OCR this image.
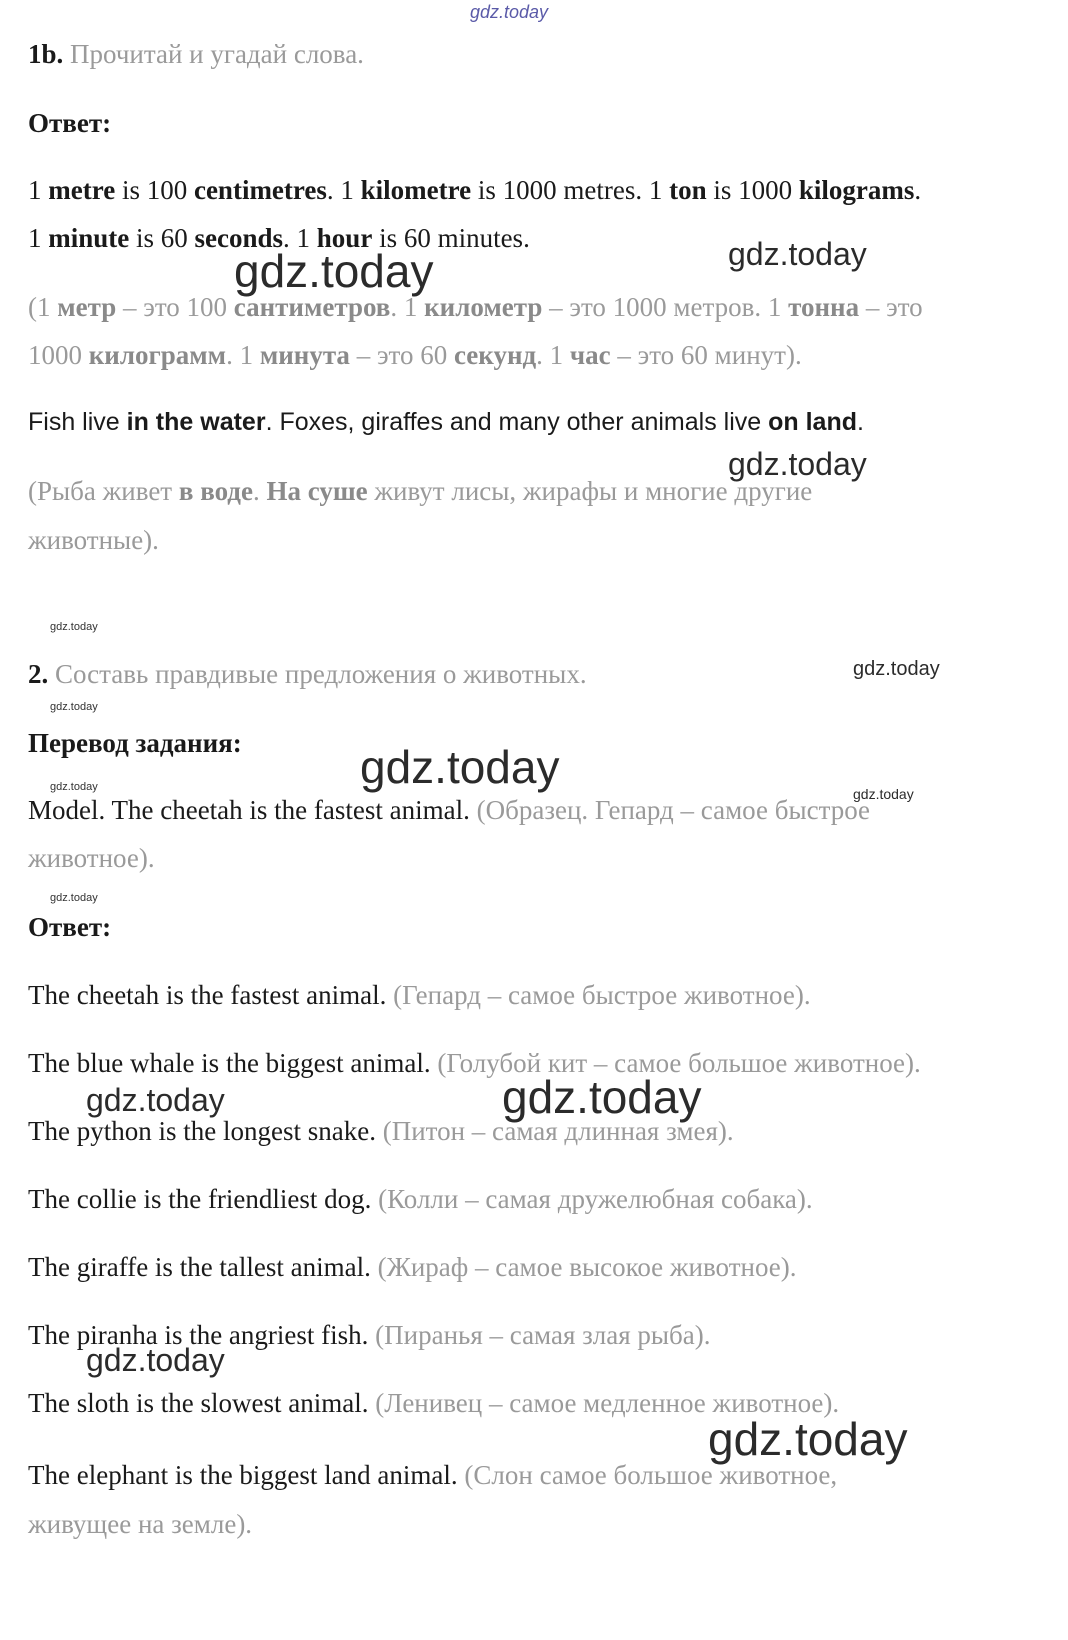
gdz.today
gdz.today	gdz.today
gdz.today
gdz.today
gdz.today
gdz.today
gdz.today
gdz.today	gdz.today
gdz.today
gdz.today	gdz.today
gdz.today
gdz.today
1b. Прочитай и угадай слова.
Ответ:
1 metre is 100 centimetres. 1 kilometre is 1000 metres. 1 ton is 1000 kilograms.
1 minute is 60 seconds. 1 hour is 60 minutes.
(1 метр – это 100 сантиметров. 1 километр – это 1000 метров. 1 тонна – это
1000 килограмм. 1 минута – это 60 секунд. 1 час – это 60 минут).
Fish live in the water. Foxes, giraffes and many other animals live on land.
(Рыба живет в воде. На суше живут лисы, жирафы и многие другие
животные).
2. Составь правдивые предложения о животных.
Перевод задания:
Model. The cheetah is the fastest animal. (Образец. Гепард – самое быстрое
животное).
Ответ:
The cheetah is the fastest animal. (Гепард – самое быстрое животное).
The blue whale is the biggest animal. (Голубой кит – самое большое животное).
The python is the longest snake. (Питон – самая длинная змея).
The collie is the friendliest dog. (Колли – самая дружелюбная собака).
The giraffe is the tallest animal. (Жираф – самое высокое животное).
The piranha is the angriest fish. (Пиранья – самая злая рыба).
The sloth is the slowest animal. (Ленивец – самое медленное животное).
The elephant is the biggest land animal. (Слон самое большое животное,
живущее на земле).
